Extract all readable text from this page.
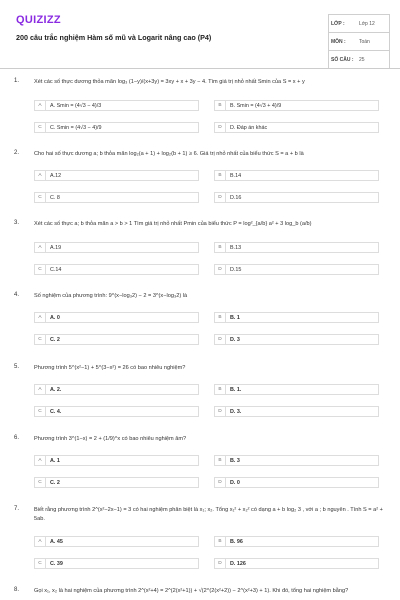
QUIZIZZ
200 câu trắc nghiệm Hàm số mũ và Logarit nâng cao (P4)
LỚP :	Lớp 12
MÔN :	Toán
SỐ CÂU :	25
1.	Xét các số thực dương thỏa mãn log₃ (1−y)/(x+3y) = 3xy + x + 3y − 4. Tìm giá trị nhỏ nhất Smin của S = x + y
A	A. Smin = (4√3 − 4)/3	B	B. Smin = (4√3 + 4)/9
C	C. Smin = (4√3 − 4)/9	D	D. Đáp án khác
2.	Cho hai số thực dương a; b thỏa mãn log₂(a + 1) + log₂(b + 1) ≥ 6. Giá trị nhỏ nhất của biểu thức S = a + b là
A	A.12	B	B.14
C	C. 8	D	D.16
3.	Xét các số thực a; b thỏa mãn a > b > 1 Tìm giá trị nhỏ nhất Pmin của biểu thức P = log²_{a/b} a² + 3 log_b (a/b)
A	A.19	B	B.13
C	C.14	D	D.15
4.	Số nghiệm của phương trình: 9^(x−log₃2) − 2 = 3^(x−log₃2) là
A	A. 0	B	B. 1
C	C. 2	D	D. 3
5.	Phương trình 5^(x²−1) + 5^(3−x²) = 26 có bao nhiêu nghiệm?
A	A. 2.	B	B. 1.
C	C. 4.	D	D. 3.
6.	Phương trình 3^(1−x) = 2 + (1/9)^x có bao nhiêu nghiệm âm?
A	A. 1	B	B. 3
C	C. 2	D	D. 0
7.	Biết rằng phương trình 2^(x²−2x−1) = 3 có hai nghiệm phân biệt là x₁; x₂. Tổng x₁² + x₂² có dạng a + b log₂ 3 , với a ; b nguyên . Tính S = a² + 5ab.
A	A. 45	B	B. 96
C	C. 39	D	D. 126
8.	Gọi x₁, x₂ là hai nghiệm của phương trình 2^(x²+4) = 2^(2(x²+1)) + √(2^(2(x²+2)) − 2^(x²+3) + 1). Khi đó, tổng hai nghiệm bằng?
